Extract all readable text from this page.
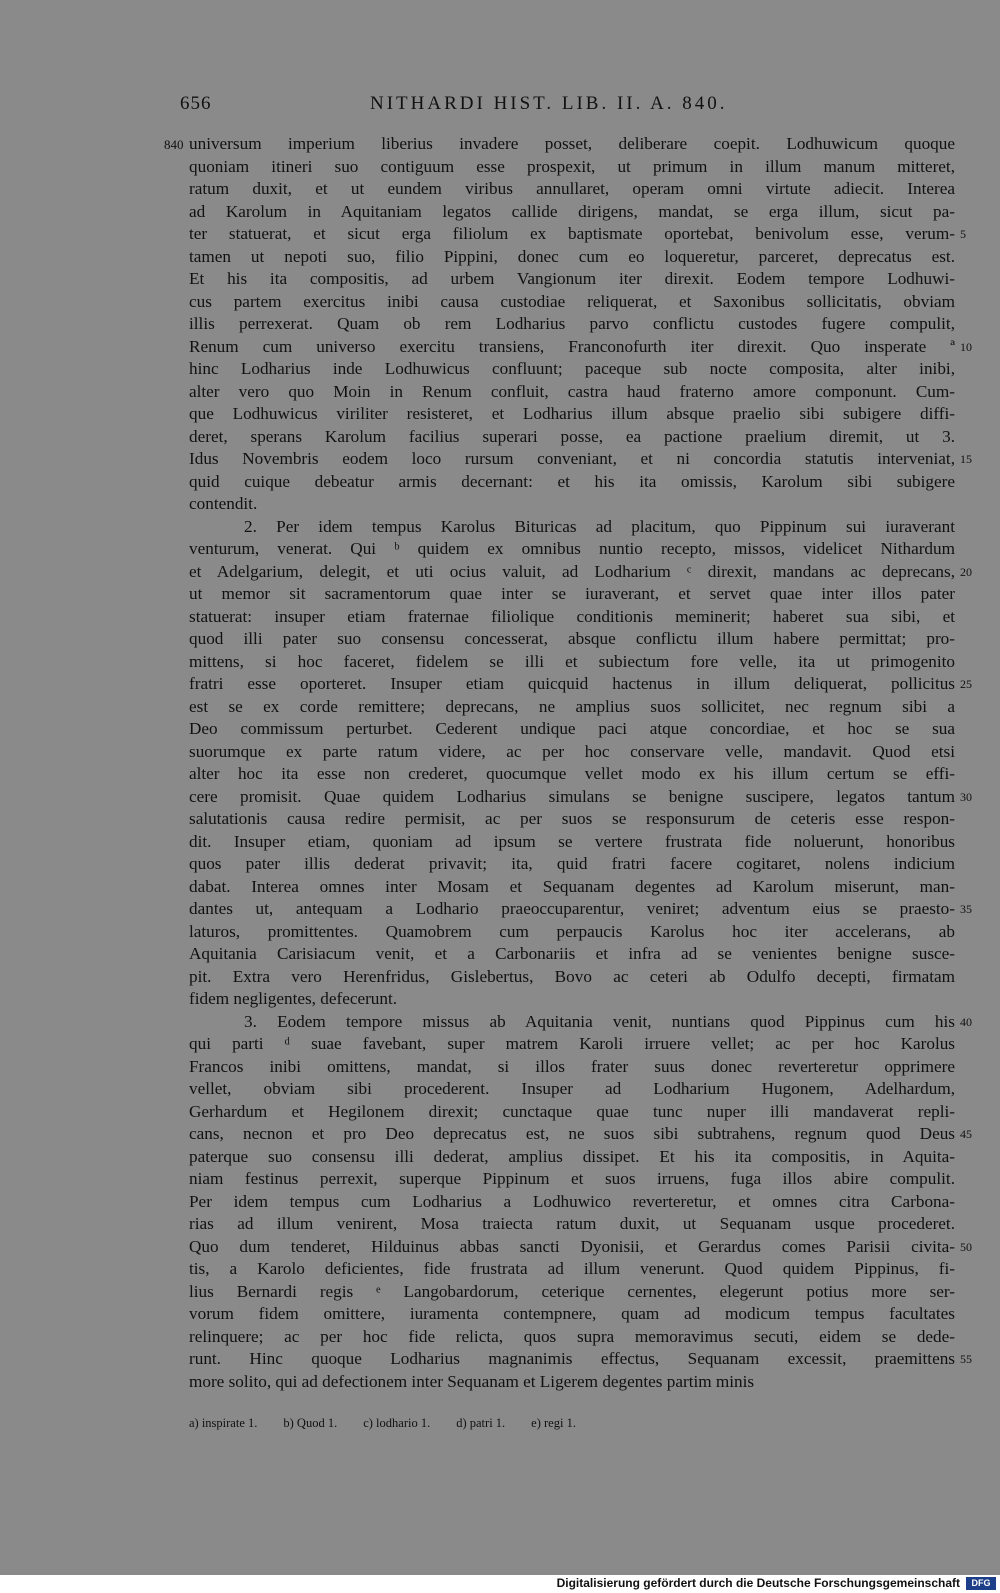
656	NITHARDI HIST. LIB. II. A. 840.
840 universum imperium liberius invadere posset, deliberare coepit. Lodhuwicum quoque
quoniam itineri suo contiguum esse prospexit, ut primum in illum manum mitteret,
ratum duxit, et ut eundem viribus annullaret, operam omni virtute adiecit. Interea
ad Karolum in Aquitaniam legatos callide dirigens, mandat, se erga illum, sicut pa-
ter statuerat, et sicut erga filiolum ex baptismate oportebat, benivolum esse, verum-
tamen ut nepoti suo, filio Pippini, donec cum eo loqueretur, parceret, deprecatus est.
Et his ita compositis, ad urbem Vangionum iter direxit. Eodem tempore Lodhuwi-
cus partem exercitus inibi causa custodiae reliquerat, et Saxonibus sollicitatis, obviam
illis perrexerat. Quam ob rem Lodharius parvo conflictu custodes fugere compulit,
Renum cum universo exercitu transiens, Franconofurth iter direxit. Quo insperate ª
hinc Lodharius inde Lodhuwicus confluunt; paceque sub nocte composita, alter inibi,
alter vero quo Moin in Renum confluit, castra haud fraterno amore componunt. Cum-
que Lodhuwicus viriliter resisteret, et Lodharius illum absque praelio sibi subigere diffi-
deret, sperans Karolum facilius superari posse, ea pactione praelium diremit, ut 3.
Idus Novembris eodem loco rursum conveniant, et ni concordia statutis interveniat,
quid cuique debeatur armis decernant: et his ita omissis, Karolum sibi subigere
contendit.
2. Per idem tempus Karolus Bituricas ad placitum, quo Pippinum sui iuraverant
venturum, venerat. Qui ᵇ quidem ex omnibus nuntio recepto, missos, videlicet Nithardum
et Adelgarium, delegit, et uti ocius valuit, ad Lodharium ᶜ direxit, mandans ac deprecans,
ut memor sit sacramentorum quae inter se iuraverant, et servet quae inter illos pater
statuerat: insuper etiam fraternae filiolique conditionis meminerit; haberet sua sibi, et
quod illi pater suo consensu concesserat, absque conflictu illum habere permittat; pro-
mittens, si hoc faceret, fidelem se illi et subiectum fore velle, ita ut primogenito
fratri esse oporteret. Insuper etiam quicquid hactenus in illum deliquerat, pollicitus
est se ex corde remittere; deprecans, ne amplius suos sollicitet, nec regnum sibi a
Deo commissum perturbet. Cederent undique paci atque concordiae, et hoc se sua
suorumque ex parte ratum videre, ac per hoc conservare velle, mandavit. Quod etsi
alter hoc ita esse non crederet, quocumque vellet modo ex his illum certum se effi-
cere promisit. Quae quidem Lodharius simulans se benigne suscipere, legatos tantum
salutationis causa redire permisit, ac per suos se responsurum de ceteris esse respon-
dit. Insuper etiam, quoniam ad ipsum se vertere frustrata fide noluerunt, honoribus
quos pater illis dederat privavit; ita, quid fratri facere cogitaret, nolens indicium
dabat. Interea omnes inter Mosam et Sequanam degentes ad Karolum miserunt, man-
dantes ut, antequam a Lodhario praeoccuparentur, veniret; adventum eius se praesto-
laturos, promittentes. Quamobrem cum perpaucis Karolus hoc iter accelerans, ab
Aquitania Carisiacum venit, et a Carbonariis et infra ad se venientes benigne susce-
pit. Extra vero Herenfridus, Gislebertus, Bovo ac ceteri ab Odulfo decepti, firmatam
fidem negligentes, defecerunt.
3. Eodem tempore missus ab Aquitania venit, nuntians quod Pippinus cum his
qui parti ᵈ suae favebant, super matrem Karoli irruere vellet; ac per hoc Karolus
Francos inibi omittens, mandat, si illos frater suus donec reverteretur opprimere
vellet, obviam sibi procederent. Insuper ad Lodharium Hugonem, Adelhardum,
Gerhardum et Hegilonem direxit; cunctaque quae tunc nuper illi mandaverat repli-
cans, necnon et pro Deo deprecatus est, ne suos sibi subtrahens, regnum quod Deus
paterque suo consensu illi dederat, amplius dissipet. Et his ita compositis, in Aquita-
niam festinus perrexit, superque Pippinum et suos irruens, fuga illos abire compulit.
Per idem tempus cum Lodharius a Lodhuwico reverteretur, et omnes citra Carbona-
rias ad illum venirent, Mosa traiecta ratum duxit, ut Sequanam usque procederet.
Quo dum tenderet, Hilduinus abbas sancti Dyonisii, et Gerardus comes Parisii civita-
tis, a Karolo deficientes, fide frustrata ad illum venerunt. Quod quidem Pippinus, fi-
lius Bernardi regis ᵉ Langobardorum, ceterique cernentes, elegerunt potius more ser-
vorum fidem omittere, iuramenta contempnere, quam ad modicum tempus facultates
relinquere; ac per hoc fide relicta, quos supra memoravimus secuti, eidem se dede-
runt. Hinc quoque Lodharius magnanimis effectus, Sequanam excessit, praemittens
more solito, qui ad defectionem inter Sequanam et Ligerem degentes partim minis
5
10
15
20
25
30
35
40
45
50
55
a) inspirate 1. b) Quod 1. c) lodhario 1. d) patri 1. e) regi 1.
Digitalisierung gefördert durch die Deutsche Forschungsgemeinschaft	DFG
